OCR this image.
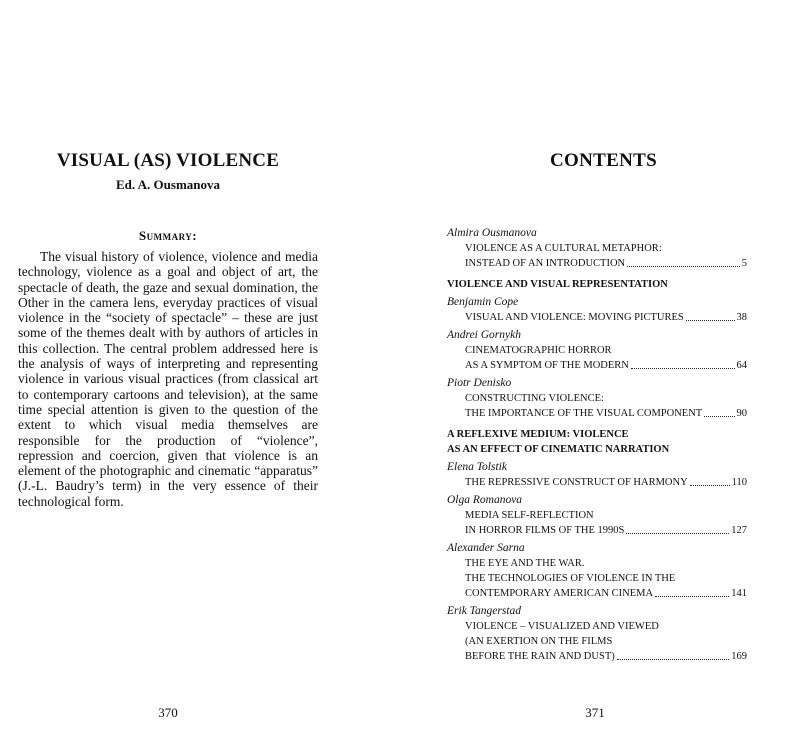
VISUAL (AS) VIOLENCE
Ed. A. Ousmanova
Summary:
The visual history of violence, violence and media technology, violence as a goal and object of art, the spectacle of death, the gaze and sexual domination, the Other in the camera lens, everyday practices of visual violence in the “society of spectacle” – these are just some of the themes dealt with by authors of articles in this collection. The central problem addressed here is the analysis of ways of interpreting and representing violence in various visual practices (from classical art to contemporary cartoons and television), at the same time special attention is given to the question of the extent to which visual media themselves are responsible for the production of “violence”, repression and coercion, given that violence is an element of the photographic and cinematic “apparatus” (J.-L. Baudry’s term) in the very essence of their technological form.
370
CONTENTS
Almira Ousmanova
VIOLENCE AS A CULTURAL METAPHOR:
INSTEAD OF AN INTRODUCTION	5
VIOLENCE AND VISUAL REPRESENTATION
Benjamin Cope
VISUAL AND VIOLENCE: MOVING PICTURES	38
Andrei Gornykh
CINEMATOGRAPHIC HORROR
AS A SYMPTOM OF THE MODERN	64
Piotr Denisko
CONSTRUCTING VIOLENCE:
THE IMPORTANCE OF THE VISUAL COMPONENT	90
A REFLEXIVE MEDIUM: VIOLENCE
AS AN EFFECT OF CINEMATIC NARRATION
Elena Tolstik
THE REPRESSIVE CONSTRUCT OF HARMONY	110
Olga Romanova
MEDIA SELF-REFLECTION
IN HORROR FILMS OF THE 1990S	127
Alexander Sarna
THE EYE AND THE WAR.
THE TECHNOLOGIES OF VIOLENCE IN THE
CONTEMPORARY AMERICAN CINEMA	141
Erik Tangerstad
VIOLENCE – VISUALIZED AND VIEWED
(AN EXERTION ON THE FILMS
BEFORE THE RAIN AND DUST)	169
371
